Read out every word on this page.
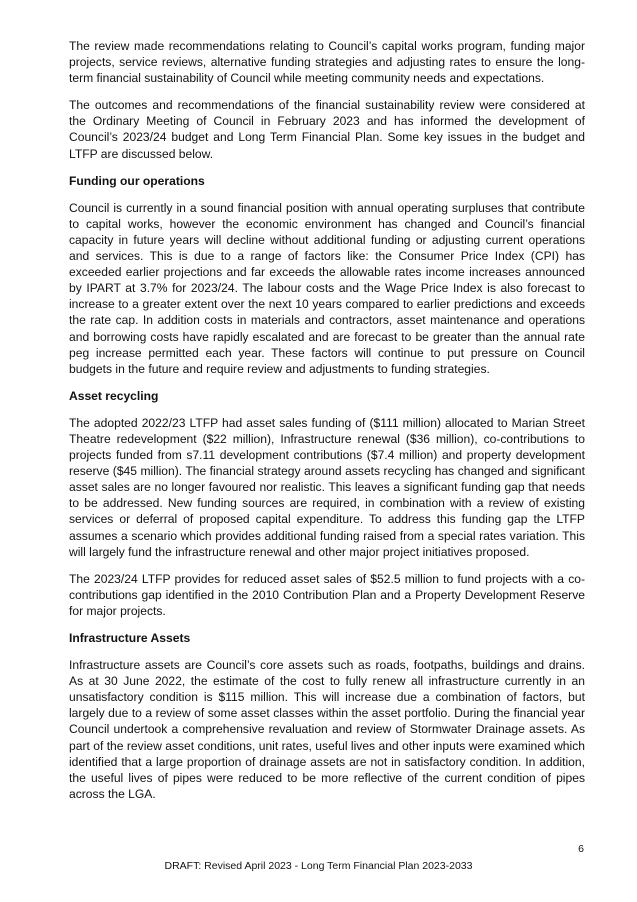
The review made recommendations relating to Council’s capital works program, funding major projects, service reviews, alternative funding strategies and adjusting rates to ensure the long-term financial sustainability of Council while meeting community needs and expectations.

The outcomes and recommendations of the financial sustainability review were considered at the Ordinary Meeting of Council in February 2023 and has informed the development of Council’s 2023/24 budget and Long Term Financial Plan. Some key issues in the budget and LTFP are discussed below.

Funding our operations

Council is currently in a sound financial position with annual operating surpluses that contribute to capital works, however the economic environment has changed and Council’s financial capacity in future years will decline without additional funding or adjusting current operations and services. This is due to a range of factors like: the Consumer Price Index (CPI) has exceeded earlier projections and far exceeds the allowable rates income increases announced by IPART at 3.7% for 2023/24. The labour costs and the Wage Price Index is also forecast to increase to a greater extent over the next 10 years compared to earlier predictions and exceeds the rate cap. In addition costs in materials and contractors, asset maintenance and operations and borrowing costs have rapidly escalated and are forecast to be greater than the annual rate peg increase permitted each year. These factors will continue to put pressure on Council budgets in the future and require review and adjustments to funding strategies.

Asset recycling

The adopted 2022/23 LTFP had asset sales funding of ($111 million) allocated to Marian Street Theatre redevelopment ($22 million), Infrastructure renewal ($36 million), co-contributions to projects funded from s7.11 development contributions ($7.4 million) and property development reserve ($45 million). The financial strategy around assets recycling has changed and significant asset sales are no longer favoured nor realistic. This leaves a significant funding gap that needs to be addressed. New funding sources are required, in combination with a review of existing services or deferral of proposed capital expenditure. To address this funding gap the LTFP assumes a scenario which provides additional funding raised from a special rates variation. This will largely fund the infrastructure renewal and other major project initiatives proposed.

The 2023/24 LTFP provides for reduced asset sales of $52.5 million to fund projects with a co-contributions gap identified in the 2010 Contribution Plan and a Property Development Reserve for major projects.

Infrastructure Assets

Infrastructure assets are Council’s core assets such as roads, footpaths, buildings and drains. As at 30 June 2022, the estimate of the cost to fully renew all infrastructure currently in an unsatisfactory condition is $115 million. This will increase due a combination of factors, but largely due to a review of some asset classes within the asset portfolio. During the financial year Council undertook a comprehensive revaluation and review of Stormwater Drainage assets. As part of the review asset conditions, unit rates, useful lives and other inputs were examined which identified that a large proportion of drainage assets are not in satisfactory condition. In addition, the useful lives of pipes were reduced to be more reflective of the current condition of pipes across the LGA.

6
DRAFT: Revised April 2023 - Long Term Financial Plan 2023-2033
